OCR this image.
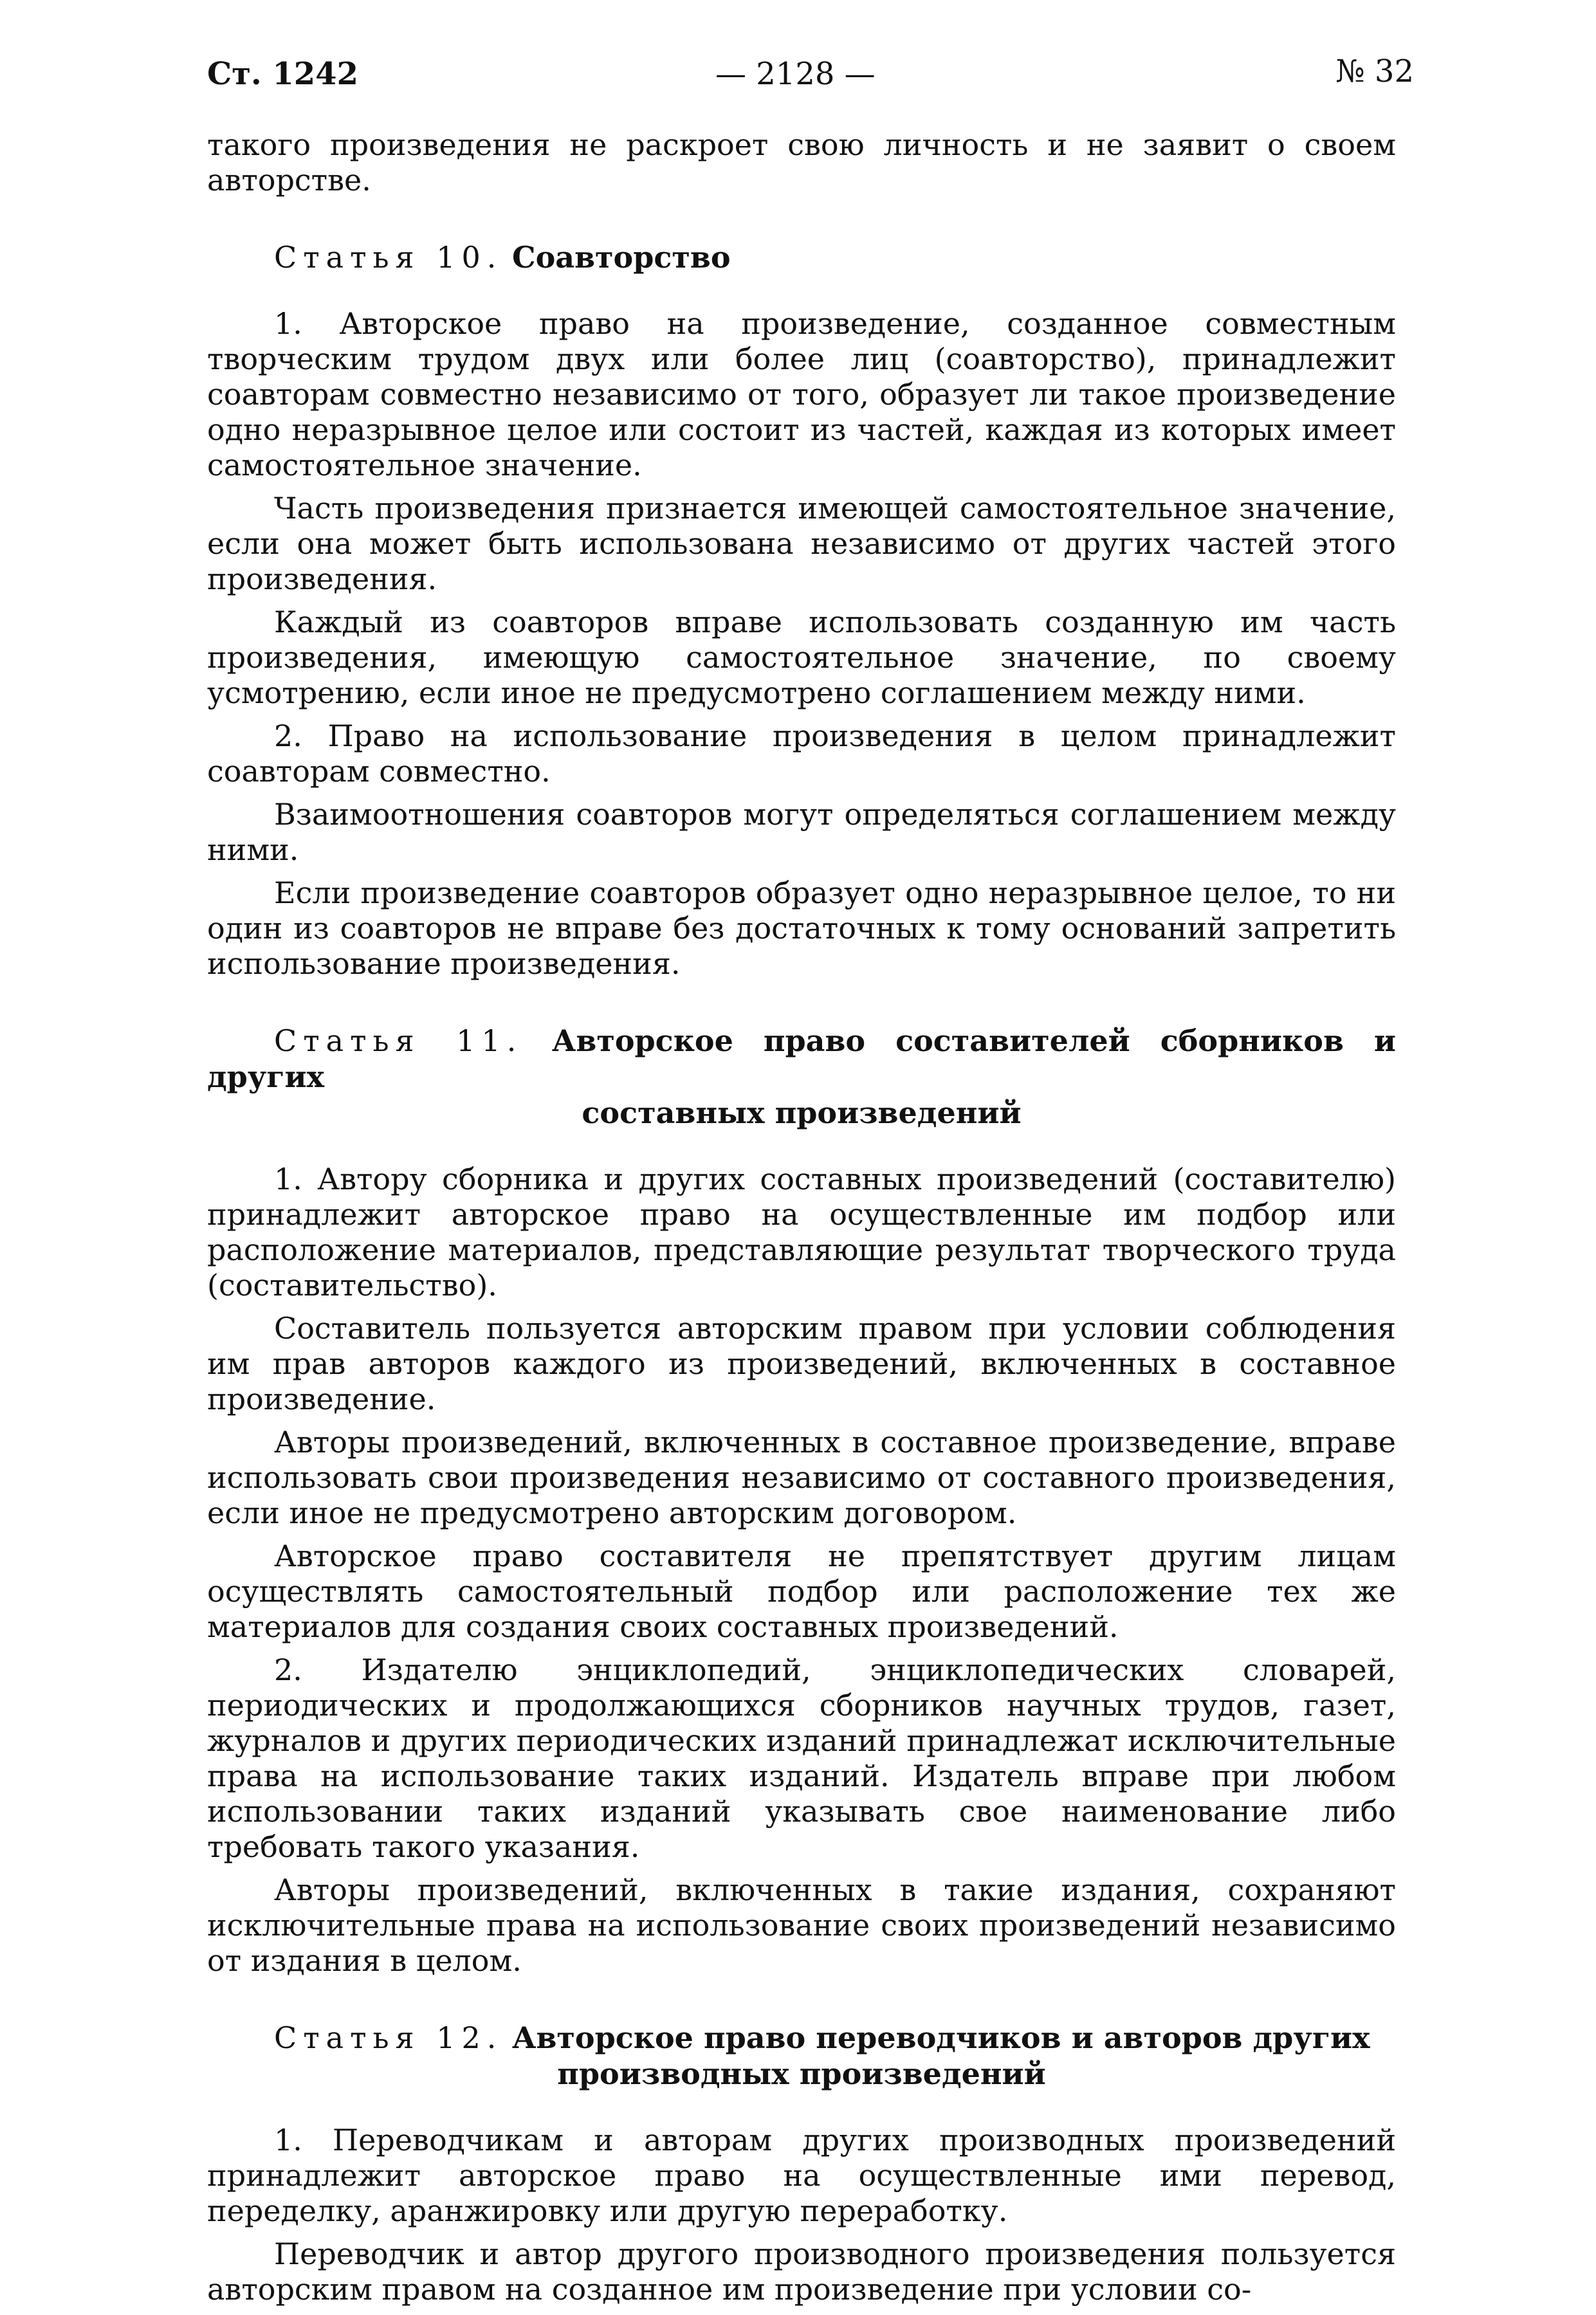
Ст. 1242	— 2128 —	№ 32

такого произведения не раскроет свою личность и не заявит о своем авторстве.

Статья 10. Соавторство

1. Авторское право на произведение, созданное совместным творческим трудом двух или более лиц (соавторство), принадлежит соавторам совместно независимо от того, образует ли такое произведение одно неразрывное целое или состоит из частей, каждая из которых имеет самостоятельное значение.

Часть произведения признается имеющей самостоятельное значение, если она может быть использована независимо от других частей этого произведения.

Каждый из соавторов вправе использовать созданную им часть произведения, имеющую самостоятельное значение, по своему усмотрению, если иное не предусмотрено соглашением между ними.

2. Право на использование произведения в целом принадлежит соавторам совместно.

Взаимоотношения соавторов могут определяться соглашением между ними.

Если произведение соавторов образует одно неразрывное целое, то ни один из соавторов не вправе без достаточных к тому оснований запретить использование произведения.

Статья 11. Авторское право составителей сборников и других
составных произведений

1. Автору сборника и других составных произведений (составителю) принадлежит авторское право на осуществленные им подбор или расположение материалов, представляющие результат творческого труда (составительство).

Составитель пользуется авторским правом при условии соблюдения им прав авторов каждого из произведений, включенных в составное произведение.

Авторы произведений, включенных в составное произведение, вправе использовать свои произведения независимо от составного произведения, если иное не предусмотрено авторским договором.

Авторское право составителя не препятствует другим лицам осуществлять самостоятельный подбор или расположение тех же материалов для создания своих составных произведений.

2. Издателю энциклопедий, энциклопедических словарей, периодических и продолжающихся сборников научных трудов, газет, журналов и других периодических изданий принадлежат исключительные права на использование таких изданий. Издатель вправе при любом использовании таких изданий указывать свое наименование либо требовать такого указания.

Авторы произведений, включенных в такие издания, сохраняют исключительные права на использование своих произведений независимо от издания в целом.

Статья 12. Авторское право переводчиков и авторов других
производных произведений

1. Переводчикам и авторам других производных произведений принадлежит авторское право на осуществленные ими перевод, переделку, аранжировку или другую переработку.

Переводчик и автор другого производного произведения пользуется авторским правом на созданное им произведение при условии со-
